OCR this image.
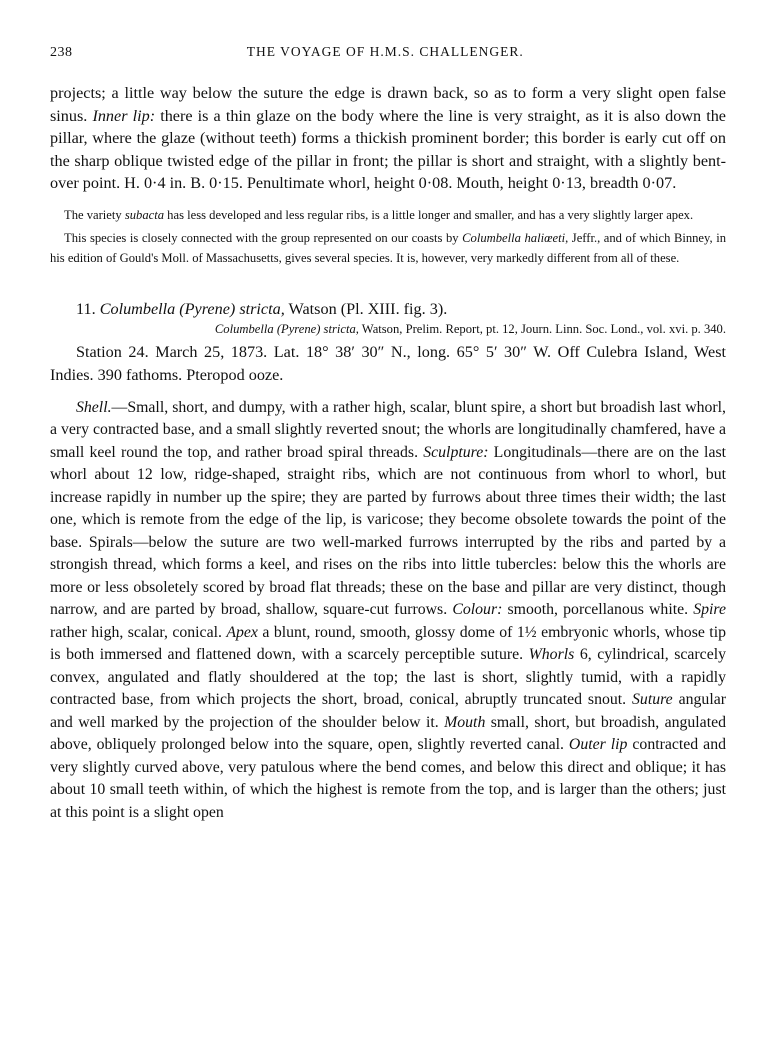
238	THE VOYAGE OF H.M.S. CHALLENGER.

projects; a little way below the suture the edge is drawn back, so as to form a very slight open false sinus. Inner lip: there is a thin glaze on the body where the line is very straight, as it is also down the pillar, where the glaze (without teeth) forms a thickish prominent border; this border is early cut off on the sharp oblique twisted edge of the pillar in front; the pillar is short and straight, with a slightly bent-over point. H. 0·4 in. B. 0·15. Penultimate whorl, height 0·08. Mouth, height 0·13, breadth 0·07.

The variety subacta has less developed and less regular ribs, is a little longer and smaller, and has a very slightly larger apex.

This species is closely connected with the group represented on our coasts by Columbella haliœeti, Jeffr., and of which Binney, in his edition of Gould's Moll. of Massachusetts, gives several species. It is, however, very markedly different from all of these.

11. Columbella (Pyrene) stricta, Watson (Pl. XIII. fig. 3).
Columbella (Pyrene) stricta, Watson, Prelim. Report, pt. 12, Journ. Linn. Soc. Lond., vol. xvi. p. 340.
Station 24. March 25, 1873. Lat. 18° 38′ 30″ N., long. 65° 5′ 30″ W. Off Culebra Island, West Indies. 390 fathoms. Pteropod ooze.
Shell.—Small, short, and dumpy, with a rather high, scalar, blunt spire, a short but broadish last whorl, a very contracted base, and a small slightly reverted snout; the whorls are longitudinally chamfered, have a small keel round the top, and rather broad spiral threads. Sculpture: Longitudinals—there are on the last whorl about 12 low, ridge-shaped, straight ribs, which are not continuous from whorl to whorl, but increase rapidly in number up the spire; they are parted by furrows about three times their width; the last one, which is remote from the edge of the lip, is varicose; they become obsolete towards the point of the base. Spirals—below the suture are two well-marked furrows interrupted by the ribs and parted by a strongish thread, which forms a keel, and rises on the ribs into little tubercles: below this the whorls are more or less obsoletely scored by broad flat threads; these on the base and pillar are very distinct, though narrow, and are parted by broad, shallow, square-cut furrows. Colour: smooth, porcellanous white. Spire rather high, scalar, conical. Apex a blunt, round, smooth, glossy dome of 1½ embryonic whorls, whose tip is both immersed and flattened down, with a scarcely perceptible suture. Whorls 6, cylindrical, scarcely convex, angulated and flatly shouldered at the top; the last is short, slightly tumid, with a rapidly contracted base, from which projects the short, broad, conical, abruptly truncated snout. Suture angular and well marked by the projection of the shoulder below it. Mouth small, short, but broadish, angulated above, obliquely prolonged below into the square, open, slightly reverted canal. Outer lip contracted and very slightly curved above, very patulous where the bend comes, and below this direct and oblique; it has about 10 small teeth within, of which the highest is remote from the top, and is larger than the others; just at this point is a slight open
